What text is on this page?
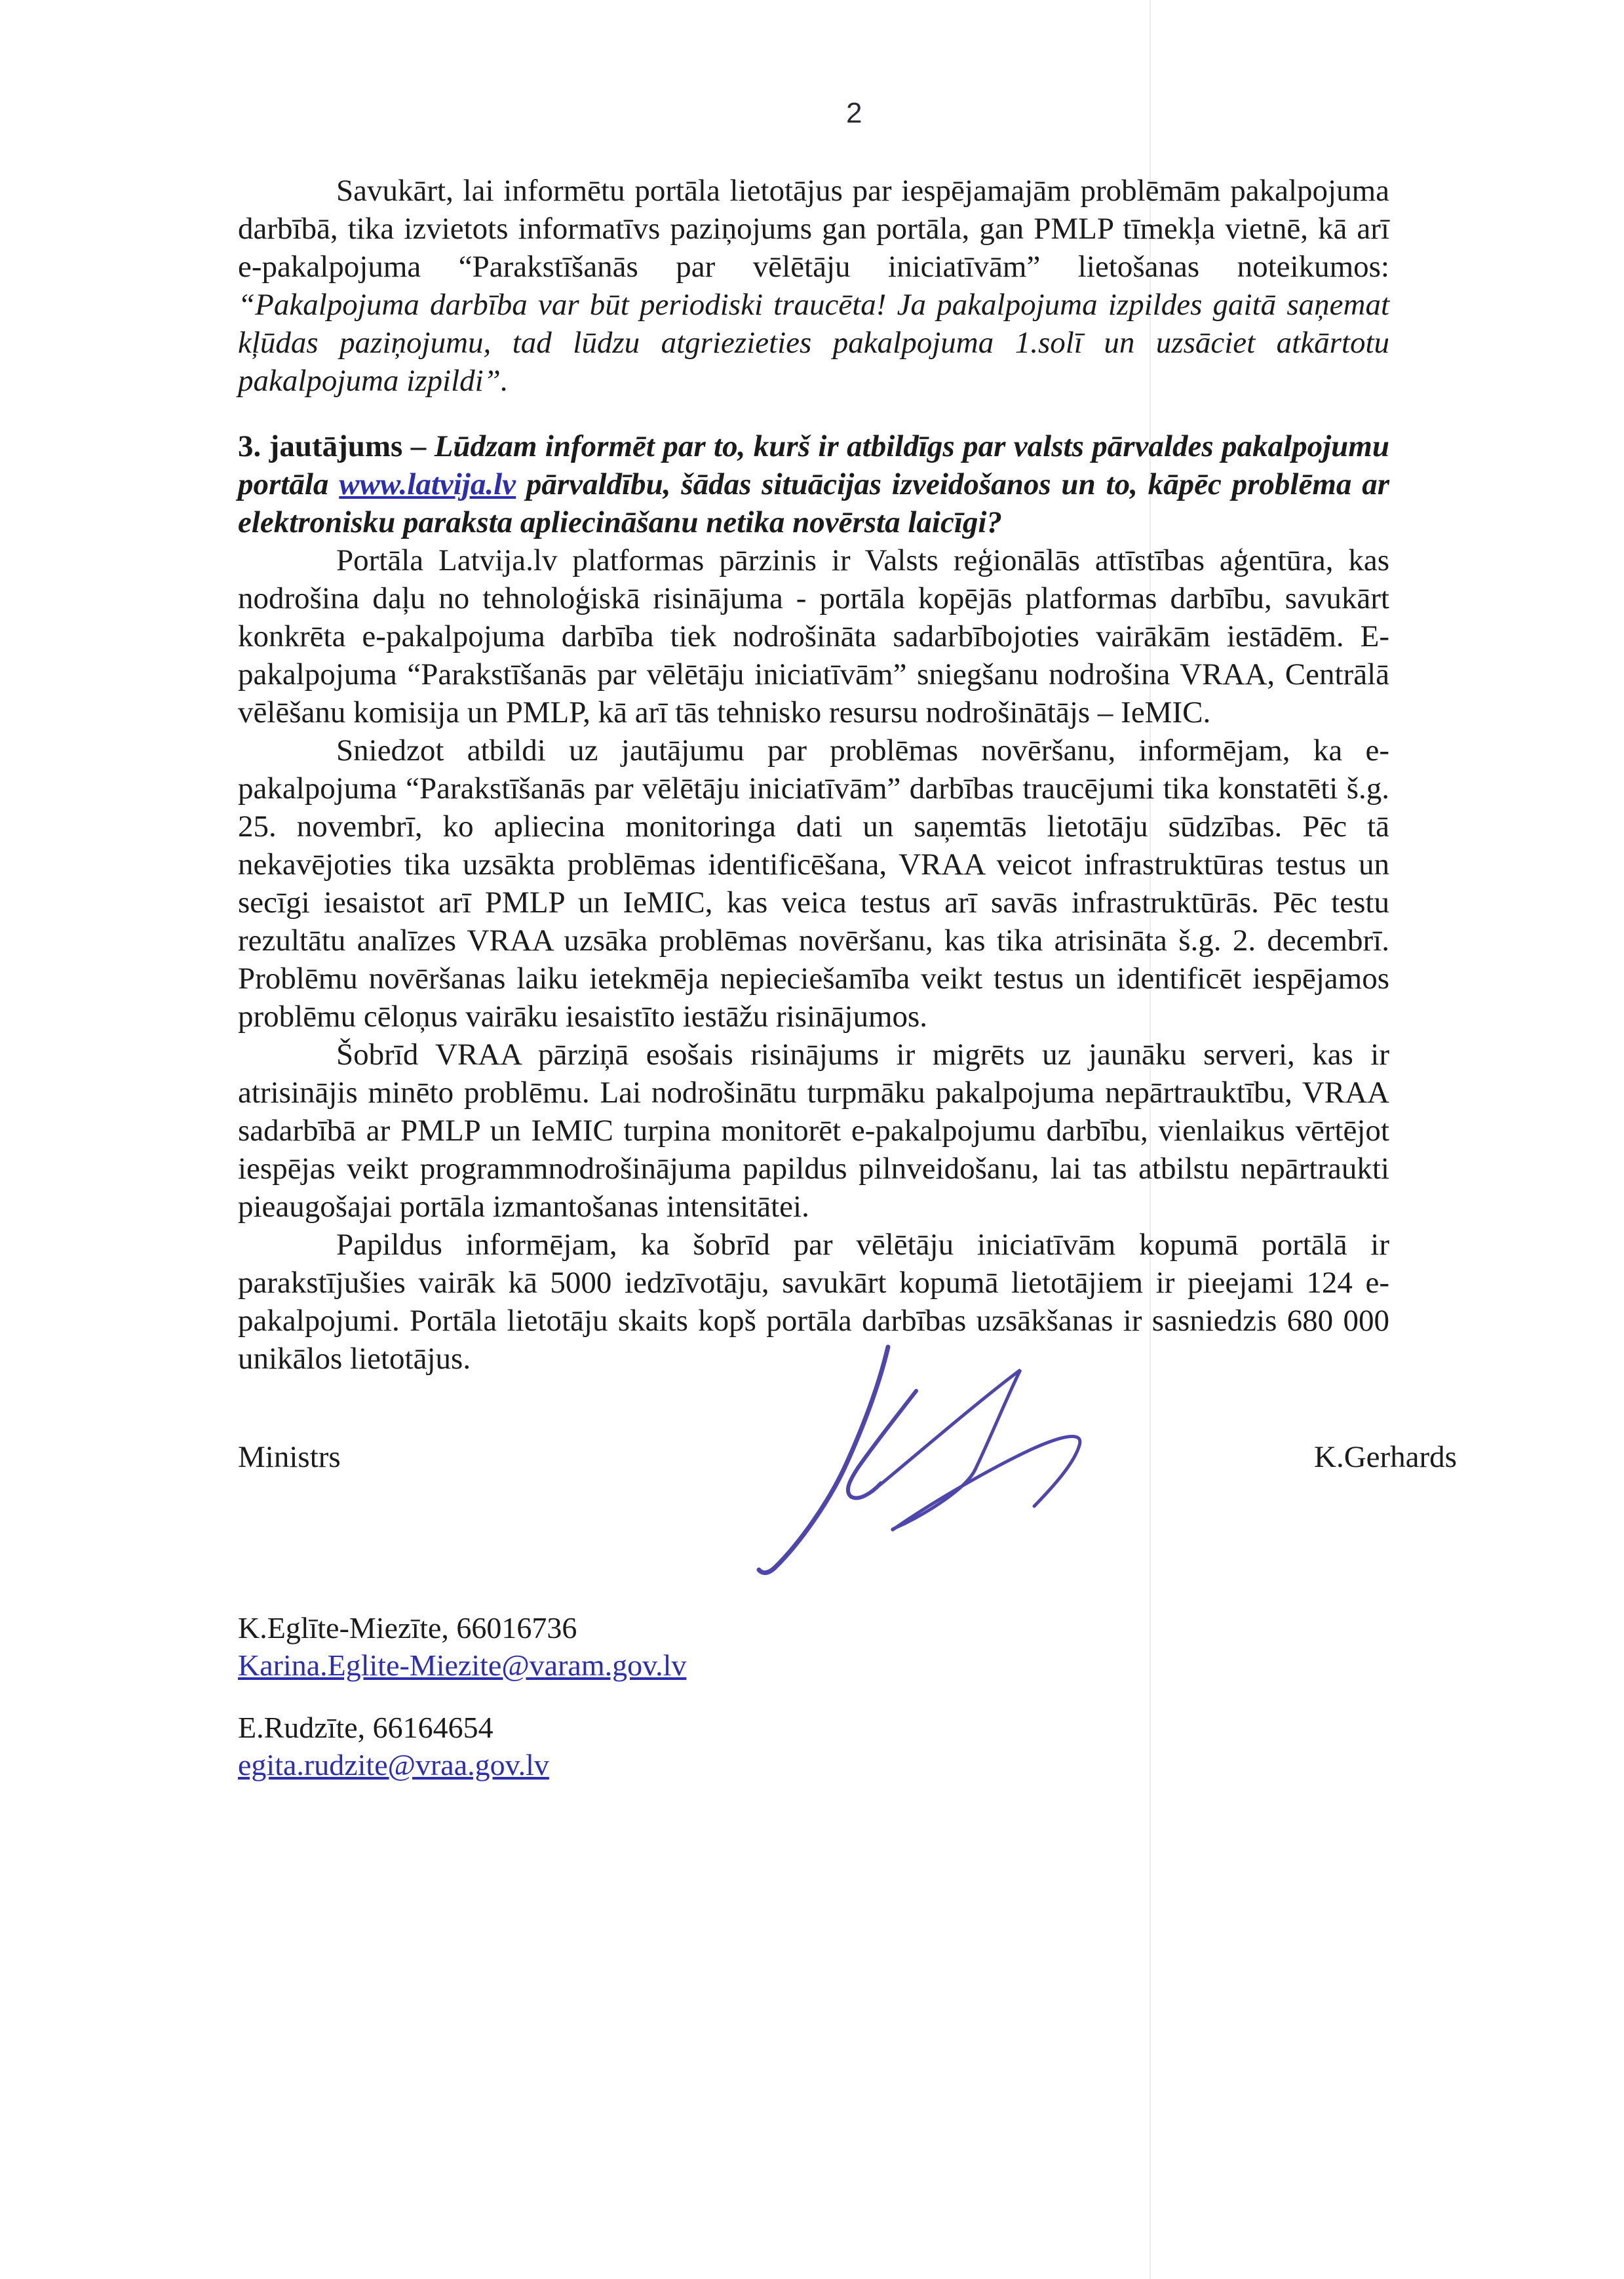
2

Savukārt, lai informētu portāla lietotājus par iespējamajām problēmām pakalpojuma darbībā, tika izvietots informatīvs paziņojums gan portāla, gan PMLP tīmekļa vietnē, kā arī e-pakalpojuma “Parakstīšanās par vēlētāju iniciatīvām” lietošanas noteikumos: “Pakalpojuma darbība var būt periodiski traucēta! Ja pakalpojuma izpildes gaitā saņemat kļūdas paziņojumu, tad lūdzu atgriezieties pakalpojuma 1.solī un uzsāciet atkārtotu pakalpojuma izpildi”.

3. jautājums – Lūdzam informēt par to, kurš ir atbildīgs par valsts pārvaldes pakalpojumu portāla www.latvija.lv pārvaldību, šādas situācijas izveidošanos un to, kāpēc problēma ar elektronisku paraksta apliecināšanu netika novērsta laicīgi?

Portāla Latvija.lv platformas pārzinis ir Valsts reģionālās attīstības aģentūra, kas nodrošina daļu no tehnoloģiskā risinājuma - portāla kopējās platformas darbību, savukārt konkrēta e-pakalpojuma darbība tiek nodrošināta sadarbībojoties vairākām iestādēm. E-pakalpojuma “Parakstīšanās par vēlētāju iniciatīvām” sniegšanu nodrošina VRAA, Centrālā vēlēšanu komisija un PMLP, kā arī tās tehnisko resursu nodrošinātājs – IeMIC.

Sniedzot atbildi uz jautājumu par problēmas novēršanu, informējam, ka e-pakalpojuma “Parakstīšanās par vēlētāju iniciatīvām” darbības traucējumi tika konstatēti š.g. 25. novembrī, ko apliecina monitoringa dati un saņemtās lietotāju sūdzības. Pēc tā nekavējoties tika uzsākta problēmas identificēšana, VRAA veicot infrastruktūras testus un secīgi iesaistot arī PMLP un IeMIC, kas veica testus arī savās infrastruktūrās. Pēc testu rezultātu analīzes VRAA uzsāka problēmas novēršanu, kas tika atrisināta š.g. 2. decembrī. Problēmu novēršanas laiku ietekmēja nepieciešamība veikt testus un identificēt iespējamos problēmu cēloņus vairāku iesaistīto iestāžu risinājumos.

Šobrīd VRAA pārziņā esošais risinājums ir migrēts uz jaunāku serveri, kas ir atrisinājis minēto problēmu. Lai nodrošinātu turpmāku pakalpojuma nepārtrauktību, VRAA sadarbībā ar PMLP un IeMIC turpina monitorēt e-pakalpojumu darbību, vienlaikus vērtējot iespējas veikt programmnodrošinājuma papildus pilnveidošanu, lai tas atbilstu nepārtraukti pieaugošajai portāla izmantošanas intensitātei.

Papildus informējam, ka šobrīd par vēlētāju iniciatīvām kopumā portālā ir parakstījušies vairāk kā 5000 iedzīvotāju, savukārt kopumā lietotājiem ir pieejami 124 e-pakalpojumi. Portāla lietotāju skaits kopš portāla darbības uzsākšanas ir sasniedzis 680 000 unikālos lietotājus.

Ministrs	K.Gerhards
K.Eglīte-Miezīte, 66016736
Karina.Eglite-Miezite@varam.gov.lv
E.Rudzīte, 66164654
egita.rudzite@vraa.gov.lv
